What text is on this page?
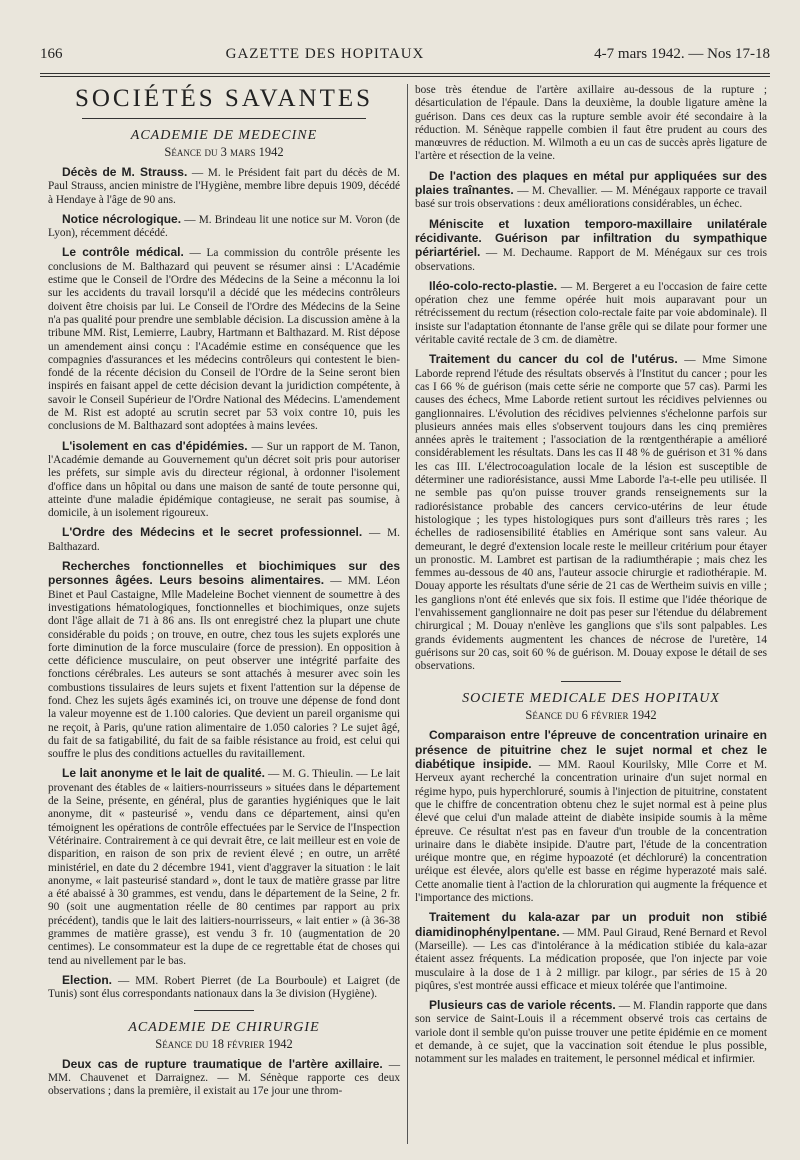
166	GAZETTE DES HOPITAUX	4-7 mars 1942. — Nos 17-18

SOCIÉTÉS SAVANTES

ACADEMIE DE MEDECINE
Séance du 3 mars 1942

Décès de M. Strauss. — M. le Président fait part du décès de M. Paul Strauss, ancien ministre de l'Hygiène, membre libre depuis 1909, décédé à Hendaye à l'âge de 90 ans.

Notice nécrologique. — M. Brindeau lit une notice sur M. Voron (de Lyon), récemment décédé.

Le contrôle médical. — La commission du contrôle présente les conclusions de M. Balthazard qui peuvent se résumer ainsi : L'Académie estime que le Conseil de l'Ordre des Médecins de la Seine a méconnu la loi sur les accidents du travail lorsqu'il a décidé que les médecins contrôleurs doivent être choisis par lui. Le Conseil de l'Ordre des Médecins de la Seine n'a pas qualité pour prendre une semblable décision. La discussion amène à la tribune MM. Rist, Lemierre, Laubry, Hartmann et Balthazard. M. Rist dépose un amendement ainsi conçu : l'Académie estime en conséquence que les compagnies d'assurances et les médecins contrôleurs qui contestent le bien-fondé de la récente décision du Conseil de l'Ordre de la Seine seront bien inspirés en faisant appel de cette décision devant la juridiction compétente, à savoir le Conseil Supérieur de l'Ordre National des Médecins. L'amendement de M. Rist est adopté au scrutin secret par 53 voix contre 10, puis les conclusions de M. Balthazard sont adoptées à mains levées.

L'isolement en cas d'épidémies. — Sur un rapport de M. Tanon, l'Académie demande au Gouvernement qu'un décret soit pris pour autoriser les préfets, sur simple avis du directeur régional, à ordonner l'isolement d'office dans un hôpital ou dans une maison de santé de toute personne qui, atteinte d'une maladie épidémique contagieuse, ne serait pas soumise, à domicile, à un isolement rigoureux.

L'Ordre des Médecins et le secret professionnel. — M. Balthazard.

Recherches fonctionnelles et biochimiques sur des personnes âgées. Leurs besoins alimentaires. — MM. Léon Binet et Paul Castaigne, Mlle Madeleine Bochet viennent de soumettre à des investigations hématologiques, fonctionnelles et biochimiques, onze sujets dont l'âge allait de 71 à 86 ans. Ils ont enregistré chez la plupart une chute considérable du poids ; on trouve, en outre, chez tous les sujets explorés une forte diminution de la force musculaire (force de pression). En opposition à cette déficience musculaire, on peut observer une intégrité parfaite des fonctions cérébrales. Les auteurs se sont attachés à mesurer avec soin les combustions tissulaires de leurs sujets et fixent l'attention sur la dépense de fond. Chez les sujets âgés examinés ici, on trouve une dépense de fond dont la valeur moyenne est de 1.100 calories. Que devient un pareil organisme qui ne reçoit, à Paris, qu'une ration alimentaire de 1.050 calories ? Le sujet âgé, du fait de sa fatigabilité, du fait de sa faible résistance au froid, est celui qui souffre le plus des conditions actuelles du ravitaillement.

Le lait anonyme et le lait de qualité. — M. G. Thieulin. — Le lait provenant des étables de « laitiers-nourrisseurs » situées dans le département de la Seine, présente, en général, plus de garanties hygiéniques que le lait anonyme, dit « pasteurisé », vendu dans ce département, ainsi qu'en témoignent les opérations de contrôle effectuées par le Service de l'Inspection Vétérinaire. Contrairement à ce qui devrait être, ce lait meilleur est en voie de disparition, en raison de son prix de revient élevé ; en outre, un arrêté ministériel, en date du 2 décembre 1941, vient d'aggraver la situation : le lait anonyme, « lait pasteurisé standard », dont le taux de matière grasse par litre a été abaissé à 30 grammes, est vendu, dans le département de la Seine, 2 fr. 90 (soit une augmentation réelle de 80 centimes par rapport au prix précédent), tandis que le lait des laitiers-nourrisseurs, « lait entier » (à 36-38 grammes de matière grasse), est vendu 3 fr. 10 (augmentation de 20 centimes). Le consommateur est la dupe de ce regrettable état de choses qui tend au nivellement par le bas.

Election. — MM. Robert Pierret (de La Bourboule) et Laigret (de Tunis) sont élus correspondants nationaux dans la 3e division (Hygiène).

ACADEMIE DE CHIRURGIE
Séance du 18 février 1942

Deux cas de rupture traumatique de l'artère axillaire. — MM. Chauvenet et Darraignez. — M. Sénèque rapporte ces deux observations ; dans la première, il existait au 17e jour une throm-

bose très étendue de l'artère axillaire au-dessous de la rupture ; désarticulation de l'épaule. Dans la deuxième, la double ligature amène la guérison. Dans ces deux cas la rupture semble avoir été secondaire à la réduction. M. Sénèque rappelle combien il faut être prudent au cours des manœuvres de réduction. M. Wilmoth a eu un cas de succès après ligature de l'artère et résection de la veine.

De l'action des plaques en métal pur appliquées sur des plaies traînantes. — M. Chevallier. — M. Ménégaux rapporte ce travail basé sur trois observations : deux améliorations considérables, un échec.

Méniscite et luxation temporo-maxillaire unilatérale récidivante. Guérison par infiltration du sympathique périartériel. — M. Dechaume. Rapport de M. Ménégaux sur ces trois observations.

Iléo-colo-recto-plastie. — M. Bergeret a eu l'occasion de faire cette opération chez une femme opérée huit mois auparavant pour un rétrécissement du rectum (résection colo-rectale faite par voie abdominale). Il insiste sur l'adaptation étonnante de l'anse grêle qui se dilate pour former une véritable cavité rectale de 3 cm. de diamètre.

Traitement du cancer du col de l'utérus. — Mme Simone Laborde reprend l'étude des résultats observés à l'Institut du cancer ; pour les cas I 66 % de guérison (mais cette série ne comporte que 57 cas). Parmi les causes des échecs, Mme Laborde retient surtout les récidives pelviennes ou ganglionnaires. L'évolution des récidives pelviennes s'échelonne parfois sur plusieurs années mais elles s'observent toujours dans les cinq premières années après le traitement ; l'association de la rœntgenthérapie a amélioré considérablement les résultats. Dans les cas II 48 % de guérison et 31 % dans les cas III. L'électrocoagulation locale de la lésion est susceptible de déterminer une radiorésistance, aussi Mme Laborde l'a-t-elle peu utilisée. Il ne semble pas qu'on puisse trouver grands renseignements sur la radiorésistance probable des cancers cervico-utérins de leur étude histologique ; les types histologiques purs sont d'ailleurs très rares ; les échelles de radiosensibilité établies en Amérique sont sans valeur. Au demeurant, le degré d'extension locale reste le meilleur critérium pour étayer un pronostic. M. Lambret est partisan de la radiumthérapie ; mais chez les femmes au-dessous de 40 ans, l'auteur associe chirurgie et radiothérapie. M. Douay apporte les résultats d'une série de 21 cas de Wertheim suivis en ville ; les ganglions n'ont été enlevés que six fois. Il estime que l'idée théorique de l'envahissement ganglionnaire ne doit pas peser sur l'étendue du délabrement chirurgical ; M. Douay n'enlève les ganglions que s'ils sont palpables. Les grands évidements augmentent les chances de nécrose de l'uretère, 14 guérisons sur 20 cas, soit 60 % de guérison. M. Douay expose le détail de ses observations.

SOCIETE MEDICALE DES HOPITAUX
Séance du 6 février 1942

Comparaison entre l'épreuve de concentration urinaire en présence de pituitrine chez le sujet normal et chez le diabétique insipide. — MM. Raoul Kourilsky, Mlle Corre et M. Herveux ayant recherché la concentration urinaire d'un sujet normal en régime hypo, puis hyperchloruré, soumis à l'injection de pituitrine, constatent que le chiffre de concentration obtenu chez le sujet normal est à peine plus élevé que celui d'un malade atteint de diabète insipide soumis à la même épreuve. Ce résultat n'est pas en faveur d'un trouble de la concentration urinaire dans le diabète insipide. D'autre part, l'étude de la concentration uréique montre que, en régime hypoazoté (et déchloruré) la concentration uréique est élevée, alors qu'elle est basse en régime hyperazoté mais salé. Cette anomalie tient à l'action de la chloruration qui augmente la fréquence et l'importance des mictions.

Traitement du kala-azar par un produit non stibié diamidinophénylpentane. — MM. Paul Giraud, René Bernard et Revol (Marseille). — Les cas d'intolérance à la médication stibiée du kala-azar étaient assez fréquents. La médication proposée, que l'on injecte par voie musculaire à la dose de 1 à 2 milligr. par kilogr., par séries de 15 à 20 piqûres, s'est montrée aussi efficace et mieux tolérée que l'antimoine.

Plusieurs cas de variole récents. — M. Flandin rapporte que dans son service de Saint-Louis il a récemment observé trois cas certains de variole dont il semble qu'on puisse trouver une petite épidémie en ce moment et demande, à ce sujet, que la vaccination soit étendue le plus possible, notamment sur les malades en traitement, le personnel médical et infirmier.
